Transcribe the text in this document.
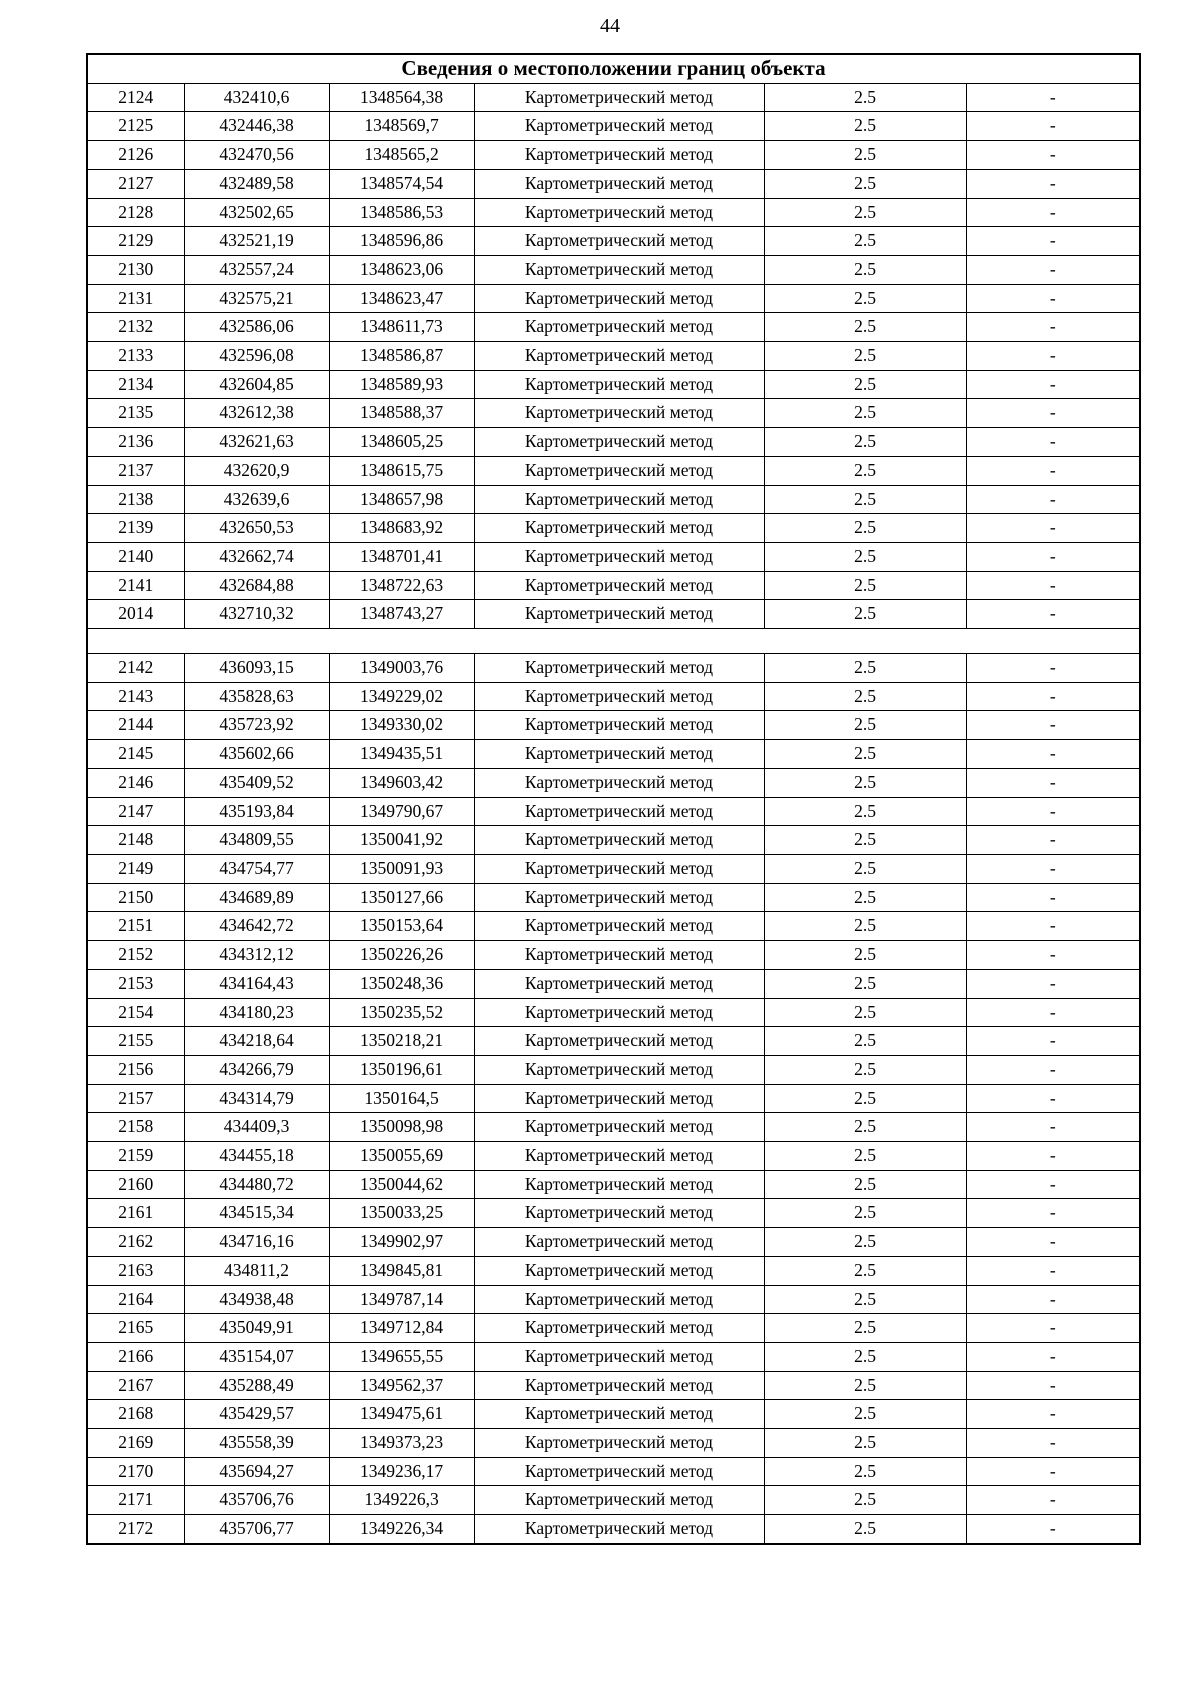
44
Сведения о местоположении границ объекта					
2124	432410,6	1348564,38	Картометрический метод	2.5	-
2125	432446,38	1348569,7	Картометрический метод	2.5	-
2126	432470,56	1348565,2	Картометрический метод	2.5	-
2127	432489,58	1348574,54	Картометрический метод	2.5	-
2128	432502,65	1348586,53	Картометрический метод	2.5	-
2129	432521,19	1348596,86	Картометрический метод	2.5	-
2130	432557,24	1348623,06	Картометрический метод	2.5	-
2131	432575,21	1348623,47	Картометрический метод	2.5	-
2132	432586,06	1348611,73	Картометрический метод	2.5	-
2133	432596,08	1348586,87	Картометрический метод	2.5	-
2134	432604,85	1348589,93	Картометрический метод	2.5	-
2135	432612,38	1348588,37	Картометрический метод	2.5	-
2136	432621,63	1348605,25	Картометрический метод	2.5	-
2137	432620,9	1348615,75	Картометрический метод	2.5	-
2138	432639,6	1348657,98	Картометрический метод	2.5	-
2139	432650,53	1348683,92	Картометрический метод	2.5	-
2140	432662,74	1348701,41	Картометрический метод	2.5	-
2141	432684,88	1348722,63	Картометрический метод	2.5	-
2014	432710,32	1348743,27	Картометрический метод	2.5	-

2142	436093,15	1349003,76	Картометрический метод	2.5	-
2143	435828,63	1349229,02	Картометрический метод	2.5	-
2144	435723,92	1349330,02	Картометрический метод	2.5	-
2145	435602,66	1349435,51	Картометрический метод	2.5	-
2146	435409,52	1349603,42	Картометрический метод	2.5	-
2147	435193,84	1349790,67	Картометрический метод	2.5	-
2148	434809,55	1350041,92	Картометрический метод	2.5	-
2149	434754,77	1350091,93	Картометрический метод	2.5	-
2150	434689,89	1350127,66	Картометрический метод	2.5	-
2151	434642,72	1350153,64	Картометрический метод	2.5	-
2152	434312,12	1350226,26	Картометрический метод	2.5	-
2153	434164,43	1350248,36	Картометрический метод	2.5	-
2154	434180,23	1350235,52	Картометрический метод	2.5	-
2155	434218,64	1350218,21	Картометрический метод	2.5	-
2156	434266,79	1350196,61	Картометрический метод	2.5	-
2157	434314,79	1350164,5	Картометрический метод	2.5	-
2158	434409,3	1350098,98	Картометрический метод	2.5	-
2159	434455,18	1350055,69	Картометрический метод	2.5	-
2160	434480,72	1350044,62	Картометрический метод	2.5	-
2161	434515,34	1350033,25	Картометрический метод	2.5	-
2162	434716,16	1349902,97	Картометрический метод	2.5	-
2163	434811,2	1349845,81	Картометрический метод	2.5	-
2164	434938,48	1349787,14	Картометрический метод	2.5	-
2165	435049,91	1349712,84	Картометрический метод	2.5	-
2166	435154,07	1349655,55	Картометрический метод	2.5	-
2167	435288,49	1349562,37	Картометрический метод	2.5	-
2168	435429,57	1349475,61	Картометрический метод	2.5	-
2169	435558,39	1349373,23	Картометрический метод	2.5	-
2170	435694,27	1349236,17	Картометрический метод	2.5	-
2171	435706,76	1349226,3	Картометрический метод	2.5	-
2172	435706,77	1349226,34	Картометрический метод	2.5	-
